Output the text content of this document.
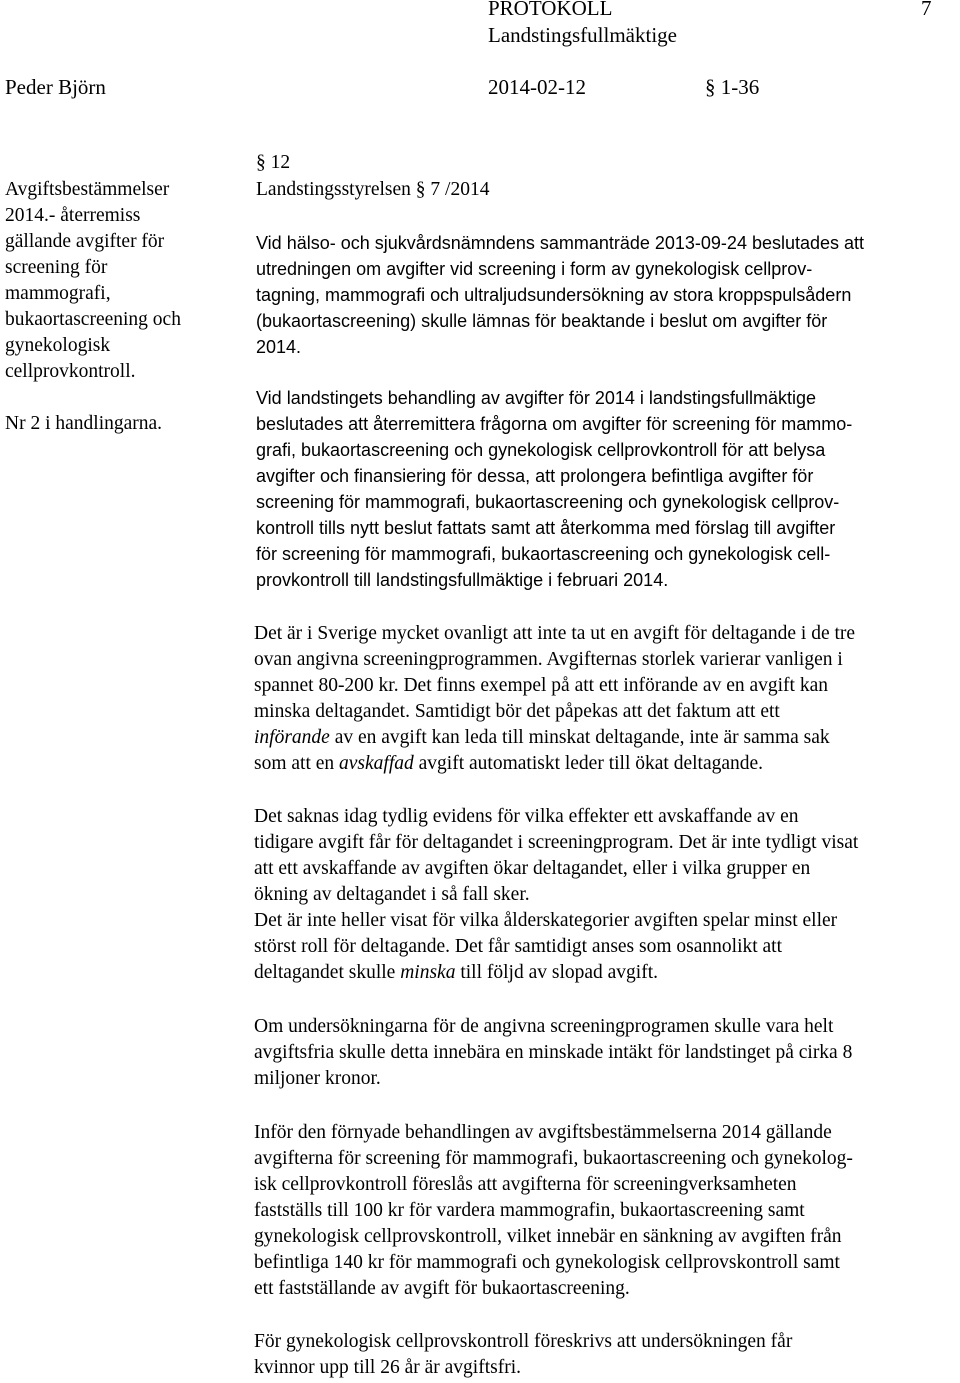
PROTOKOLL	7
Landstingsfullmäktige
Peder Björn	2014-02-12	§ 1-36
Avgiftsbestämmelser
2014.- återremiss
gällande avgifter för
screening för
mammografi,
bukaortascreening och
gynekologisk
cellprovkontroll.
Nr 2 i handlingarna.
§ 12
Landstingsstyrelsen § 7 /2014
Vid hälso- och sjukvårdsnämndens sammanträde 2013-09-24 beslutades att
utredningen om avgifter vid screening i form av gynekologisk cellprov-
tagning, mammografi och ultraljudsundersökning av stora kroppspulsådern
(bukaortascreening) skulle lämnas för beaktande i beslut om avgifter för
2014.
Vid landstingets behandling av avgifter för 2014 i landstingsfullmäktige
beslutades att återremittera frågorna om avgifter för screening för mammo-
grafi, bukaortascreening och gynekologisk cellprovkontroll för att belysa
avgifter och finansiering för dessa, att prolongera befintliga avgifter för
screening för mammografi, bukaortascreening och gynekologisk cellprov-
kontroll tills nytt beslut fattats samt att återkomma med förslag till avgifter
för screening för mammografi, bukaortascreening och gynekologisk cell-
provkontroll till landstingsfullmäktige i februari 2014.
Det är i Sverige mycket ovanligt att inte ta ut en avgift för deltagande i de tre
ovan angivna screeningprogrammen. Avgifternas storlek varierar vanligen i
spannet 80-200 kr. Det finns exempel på att ett införande av en avgift kan
minska deltagandet. Samtidigt bör det påpekas att det faktum att ett
införande av en avgift kan leda till minskat deltagande, inte är samma sak
som att en avskaffad avgift automatiskt leder till ökat deltagande.
Det saknas idag tydlig evidens för vilka effekter ett avskaffande av en
tidigare avgift får för deltagandet i screeningprogram. Det är inte tydligt visat
att ett avskaffande av avgiften ökar deltagandet, eller i vilka grupper en
ökning av deltagandet i så fall sker.
Det är inte heller visat för vilka ålderskategorier avgiften spelar minst eller
störst roll för deltagande. Det får samtidigt anses som osannolikt att
deltagandet skulle minska till följd av slopad avgift.
Om undersökningarna för de angivna screeningprogramen skulle vara helt
avgiftsfria skulle detta innebära en minskade intäkt för landstinget på cirka 8
miljoner kronor.
Inför den förnyade behandlingen av avgiftsbestämmelserna 2014 gällande
avgifterna för screening för mammografi, bukaortascreening och gynekolog-
isk cellprovkontroll föreslås att avgifterna för screeningverksamheten
fastställs till 100 kr för vardera mammografin, bukaortascreening samt
gynekologisk cellprovskontroll, vilket innebär en sänkning av avgiften från
befintliga 140 kr för mammografi och gynekologisk cellprovskontroll samt
ett fastställande av avgift för bukaortascreening.
För gynekologisk cellprovskontroll föreskrivs att undersökningen får
kvinnor upp till 26 år är avgiftsfri.
